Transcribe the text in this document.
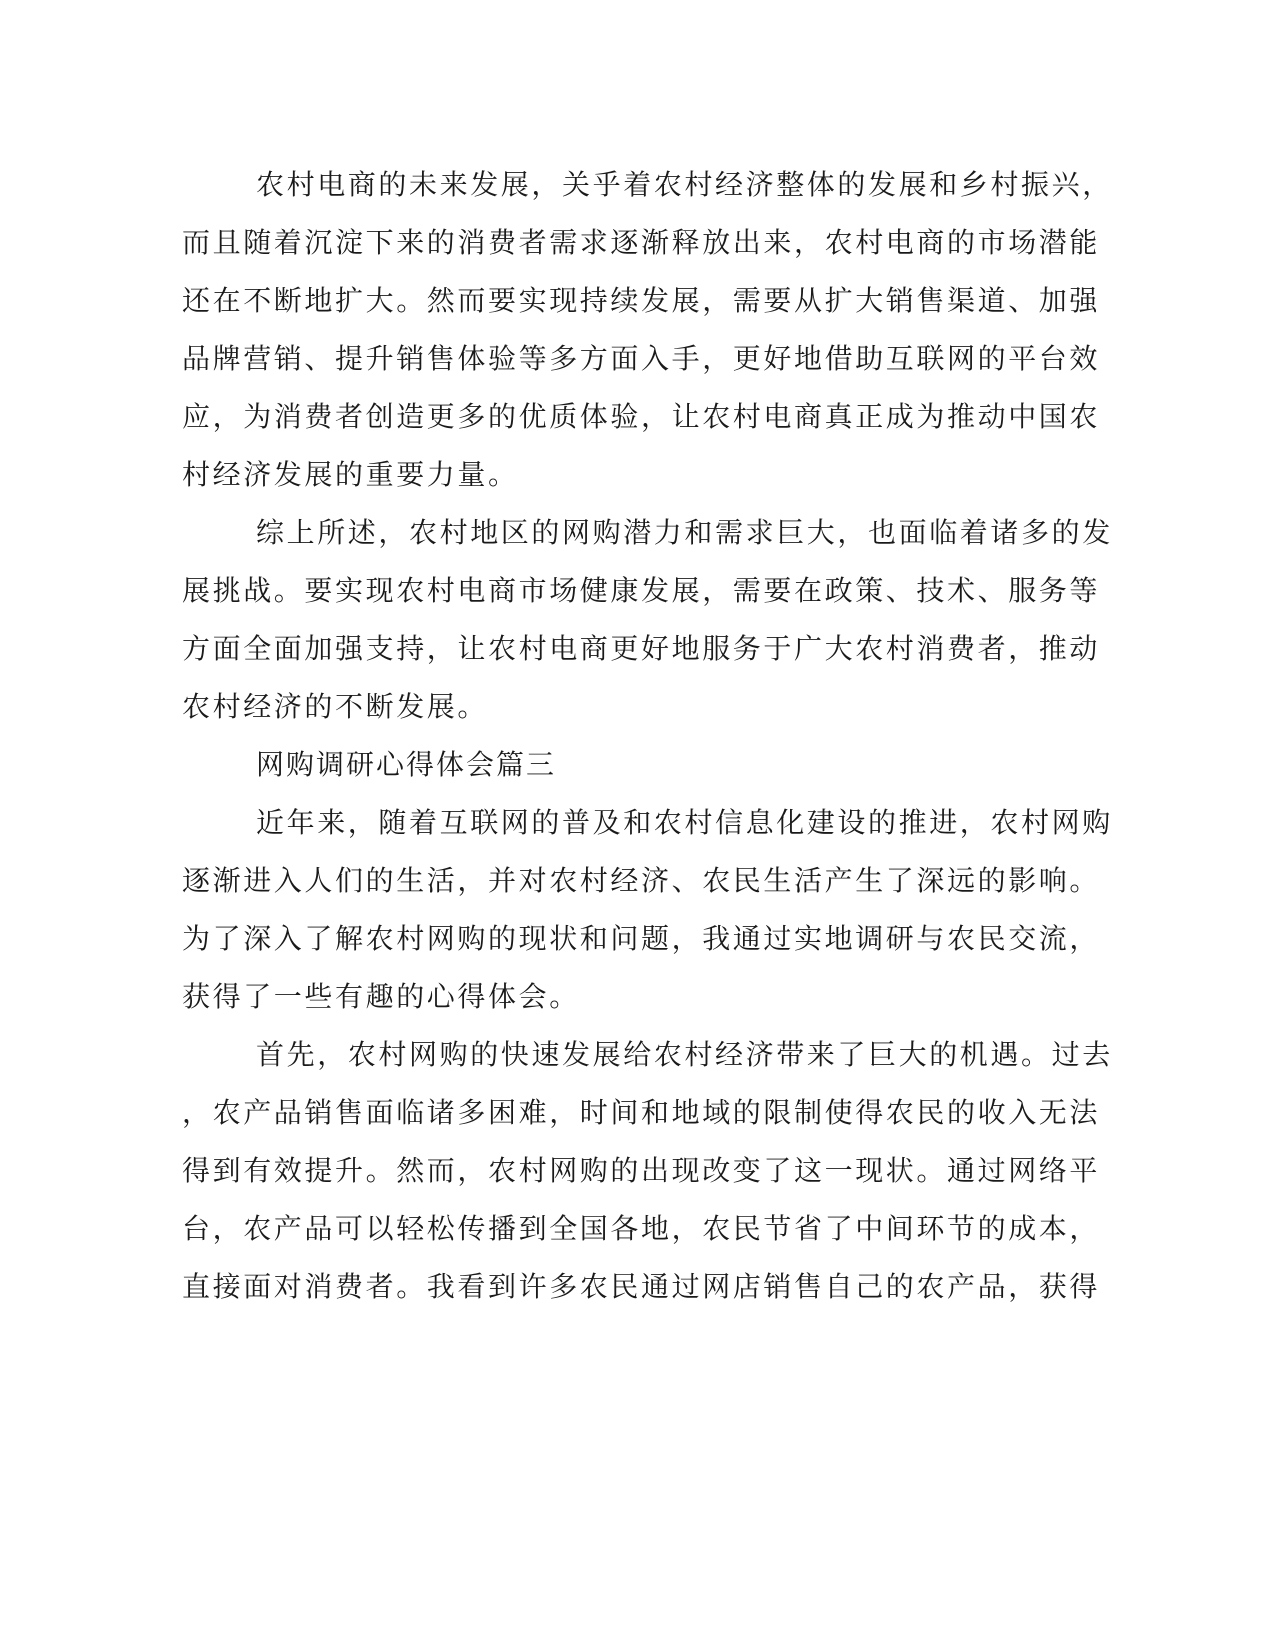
农村电商的未来发展，关乎着农村经济整体的发展和乡村振兴，
而且随着沉淀下来的消费者需求逐渐释放出来，农村电商的市场潜能
还在不断地扩大。然而要实现持续发展，需要从扩大销售渠道、加强
品牌营销、提升销售体验等多方面入手，更好地借助互联网的平台效
应，为消费者创造更多的优质体验，让农村电商真正成为推动中国农
村经济发展的重要力量。
综上所述，农村地区的网购潜力和需求巨大，也面临着诸多的发
展挑战。要实现农村电商市场健康发展，需要在政策、技术、服务等
方面全面加强支持，让农村电商更好地服务于广大农村消费者，推动
农村经济的不断发展。
网购调研心得体会篇三
近年来，随着互联网的普及和农村信息化建设的推进，农村网购
逐渐进入人们的生活，并对农村经济、农民生活产生了深远的影响。
为了深入了解农村网购的现状和问题，我通过实地调研与农民交流，
获得了一些有趣的心得体会。
首先，农村网购的快速发展给农村经济带来了巨大的机遇。过去
，农产品销售面临诸多困难，时间和地域的限制使得农民的收入无法
得到有效提升。然而，农村网购的出现改变了这一现状。通过网络平
台，农产品可以轻松传播到全国各地，农民节省了中间环节的成本，
直接面对消费者。我看到许多农民通过网店销售自己的农产品，获得
